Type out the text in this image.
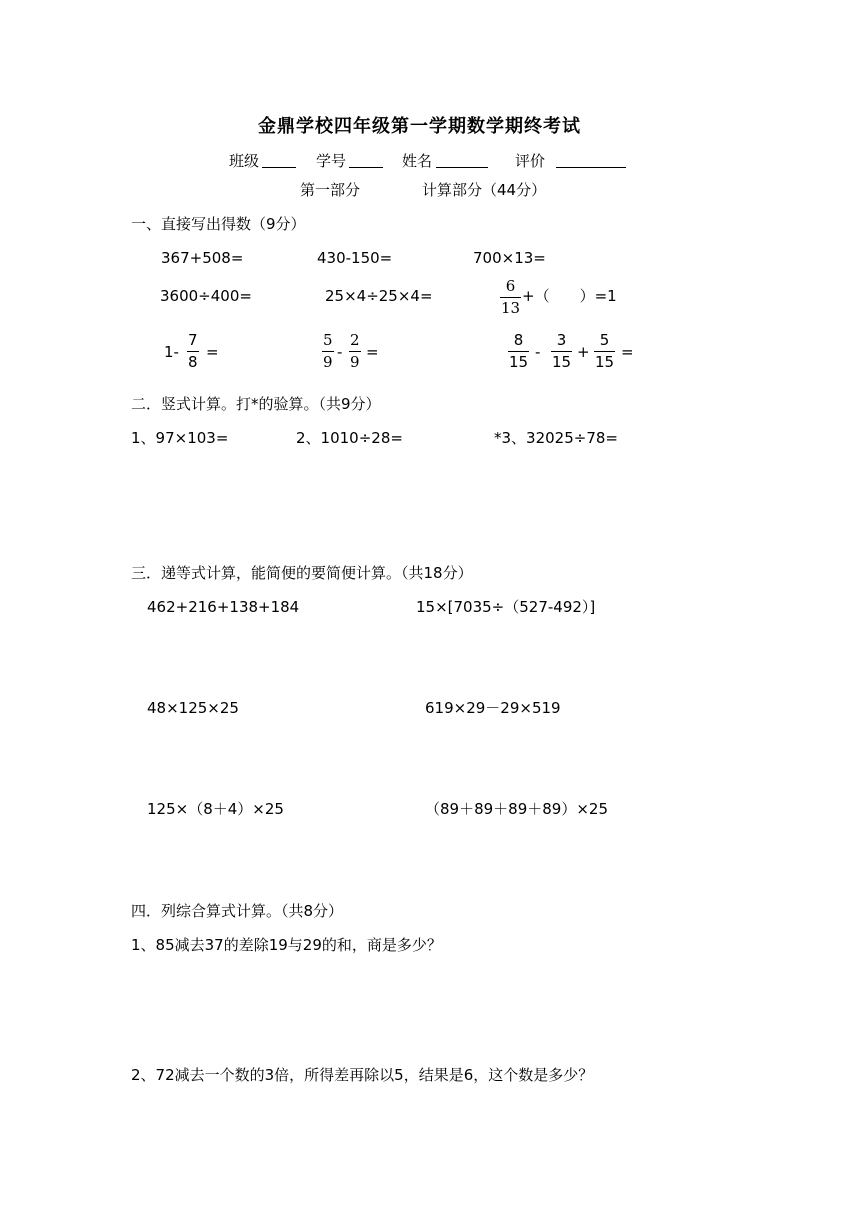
金鼎学校四年级第一学期数学期终考试
班级	学号	姓名	评价
第一部分	计算部分（44分）
一、直接写出得数（9分）
367+508=	430-150=	700×13=
3600÷400=	25×4÷25×4=
6
13
+（　　）=1
1-
7
8
=
5
9
-
2
9
=
8
15
-
3
15
+
5
15
=
二．竖式计算。打*的验算。（共9分）
1、97×103=	2、1010÷28=	*3、32025÷78=
三．递等式计算，能简便的要简便计算。（共18分）
462+216+138+184	15×[7035÷（527-492）]
48×125×25	619×29－29×519
125×（8＋4）×25	（89＋89＋89＋89）×25
四．列综合算式计算。（共8分）
1、85减去37的差除19与29的和，商是多少？
2、72减去一个数的3倍，所得差再除以5，结果是6，这个数是多少？
